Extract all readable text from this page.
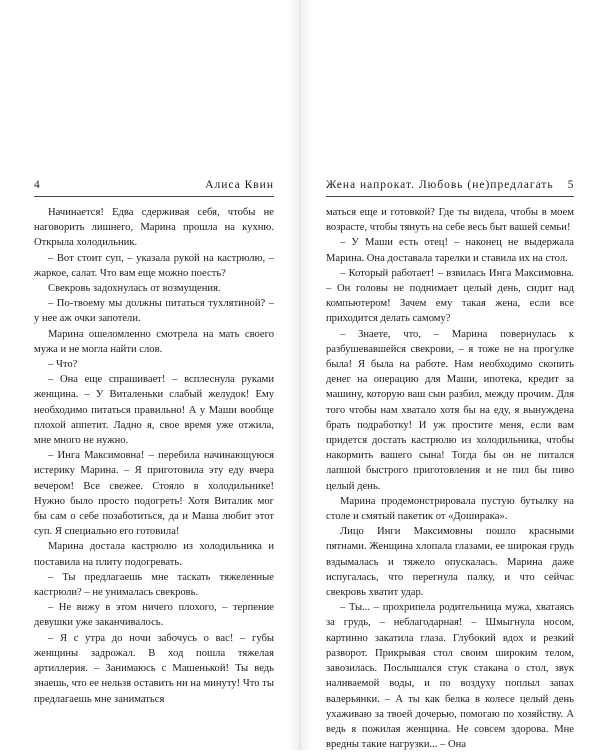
4	Алиса Квин

Начинается! Едва сдерживая себя, чтобы не наговорить лишнего, Марина прошла на кухню. Открыла холодильник.

– Вот стоит суп, – указала рукой на кастрюлю, – жаркое, салат. Что вам еще можно поесть?

Свекровь задохнулась от возмущения.

– По-твоему мы должны питаться тухлятиной? – у нее аж очки запотели.

Марина ошеломленно смотрела на мать своего мужа и не могла найти слов.

– Что?

– Она еще спрашивает! – всплеснула руками женщина. – У Виталеньки слабый желудок! Ему необходимо питаться правильно! А у Маши вообще плохой аппетит. Ладно я, свое время уже отжила, мне много не нужно.

– Инга Максимовна! – перебила начинающуюся истерику Марина. – Я приготовила эту еду вчера вечером! Все свежее. Стояло в холодильнике! Нужно было просто подогреть! Хотя Виталик мог бы сам о себе позаботиться, да и Маша любит этот суп. Я специально его готовила!

Марина достала кастрюлю из холодильника и поставила на плиту подогревать.

– Ты предлагаешь мне таскать тяжеленные кастрюли? – не унималась свекровь.

– Не вижу в этом ничего плохого, – терпение девушки уже заканчивалось.

– Я с утра до ночи забочусь о вас! – губы женщины задрожал. В ход пошла тяжелая артиллерия. – Занимаюсь с Машенькой! Ты ведь знаешь, что ее нельзя оставить ни на минуту! Что ты предлагаешь мне заниматься

Жена напрокат. Любовь (не)предлагать 5

маться еще и готовкой? Где ты видела, чтобы в моем возрасте, чтобы тянуть на себе весь быт вашей семьи!

– У Маши есть отец! – наконец не выдержала Марина. Она доставала тарелки и ставила их на стол.

– Который работает! – взвилась Инга Максимовна. – Он головы не поднимает целый день, сидит над компьютером! Зачем ему такая жена, если все приходится делать самому?

– Знаете, что, – Марина повернулась к разбушевавшейся свекрови, – я тоже не на прогулке была! Я была на работе. Нам необходимо скопить денег на операцию для Маши, ипотека, кредит за машину, которую ваш сын разбил, между прочим. Для того чтобы нам хватало хотя бы на еду, я вынуждена брать подработку! И уж простите меня, если вам придется достать кастрюлю из холодильника, чтобы накормить вашего сына! Тогда бы он не питался лапшой быстрого приготовления и не пил бы пиво целый день.

Марина продемонстрировала пустую бутылку на столе и смятый пакетик от «Доширака».

Лицо Инги Максимовны пошло красными пятнами. Женщина хлопала глазами, ее широкая грудь вздымалась и тяжело опускалась. Марина даже испугалась, что перегнула палку, и что сейчас свекровь хватит удар.

– Ты... – прохрипела родительница мужа, хватаясь за грудь, – неблагодарная! – Шмыгнула носом, картинно закатила глаза. Глубокий вдох и резкий разворот. Прикрывая стол своим широким телом, завозилась. Послышался стук стакана о стол, звук наливаемой воды, и по воздуху поплыл запах валерьянки. – А ты как белка в колесе целый день ухаживаю за твоей дочерью, помогаю по хозяйству. А ведь я пожилая женщина. Не совсем здорова. Мне вредны такие нагрузки... – Она
